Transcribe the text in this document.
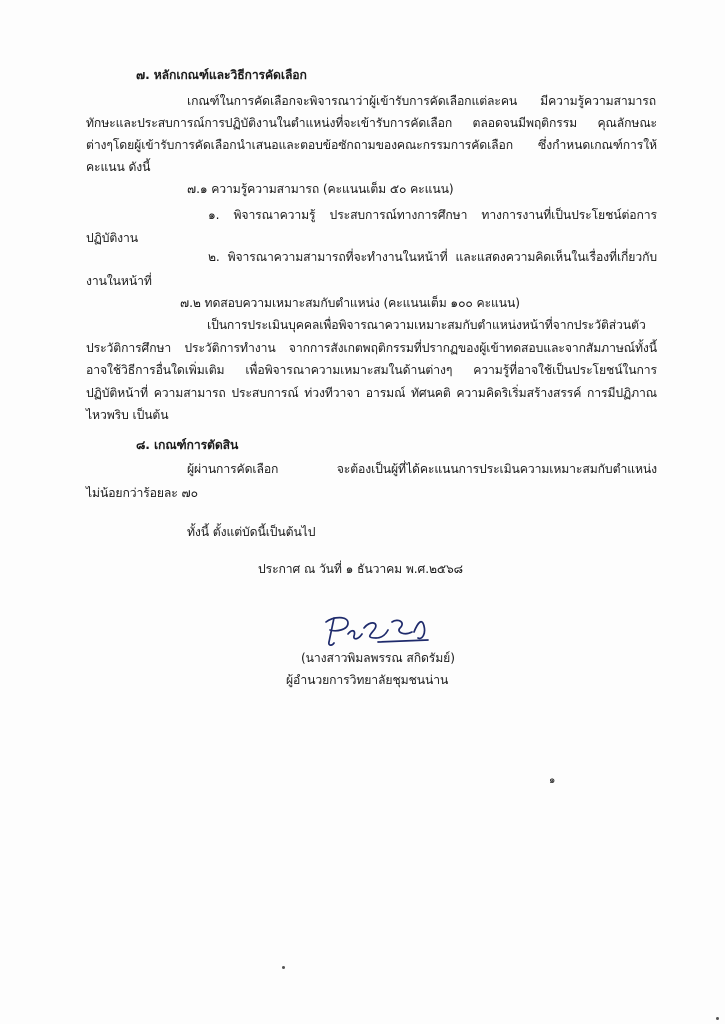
๗. หลักเกณฑ์และวิธีการคัดเลือก
เกณฑ์ในการคัดเลือกจะพิจารณาว่าผู้เข้ารับการคัดเลือกแต่ละคน มีความรู้ความสามารถ
ทักษะและประสบการณ์การปฏิบัติงานในตำแหน่งที่จะเข้ารับการคัดเลือก ตลอดจนมีพฤติกรรม คุณลักษณะ
ต่างๆโดยผู้เข้ารับการคัดเลือกนำเสนอและตอบข้อซักถามของคณะกรรมการคัดเลือก ซึ่งกำหนดเกณฑ์การให้
คะแนน ดังนี้
๗.๑ ความรู้ความสามารถ (คะแนนเต็ม ๕๐ คะแนน)
๑. พิจารณาความรู้ ประสบการณ์ทางการศึกษา ทางการงานที่เป็นประโยชน์ต่อการ
ปฏิบัติงาน
๒. พิจารณาความสามารถที่จะทำงานในหน้าที่ และแสดงความคิดเห็นในเรื่องที่เกี่ยวกับ
งานในหน้าที่
๗.๒ ทดสอบความเหมาะสมกับตำแหน่ง (คะแนนเต็ม ๑๐๐ คะแนน)
เป็นการประเมินบุคคลเพื่อพิจารณาความเหมาะสมกับตำแหน่งหน้าที่จากประวัติส่วนตัว
ประวัติการศึกษา ประวัติการทำงาน จากการสังเกตพฤติกรรมที่ปรากฏของผู้เข้าทดสอบและจากสัมภาษณ์ทั้งนี้
อาจใช้วิธีการอื่นใดเพิ่มเติม เพื่อพิจารณาความเหมาะสมในด้านต่างๆ ความรู้ที่อาจใช้เป็นประโยชน์ในการ
ปฏิบัติหน้าที่ ความสามารถ ประสบการณ์ ท่วงทีวาจา อารมณ์ ทัศนคติ ความคิดริเริ่มสร้างสรรค์ การมีปฏิภาณ
ไหวพริบ เป็นต้น
๘. เกณฑ์การตัดสิน
ผู้ผ่านการคัดเลือก จะต้องเป็นผู้ที่ได้คะแนนการประเมินความเหมาะสมกับตำแหน่ง
ไม่น้อยกว่าร้อยละ ๗๐
ทั้งนี้ ตั้งแต่บัดนี้เป็นต้นไป
ประกาศ ณ วันที่ ๑ ธันวาคม พ.ศ.๒๕๖๘
(นางสาวพิมลพรรณ สกิดรัมย์)
ผู้อำนวยการวิทยาลัยชุมชนน่าน
๑
